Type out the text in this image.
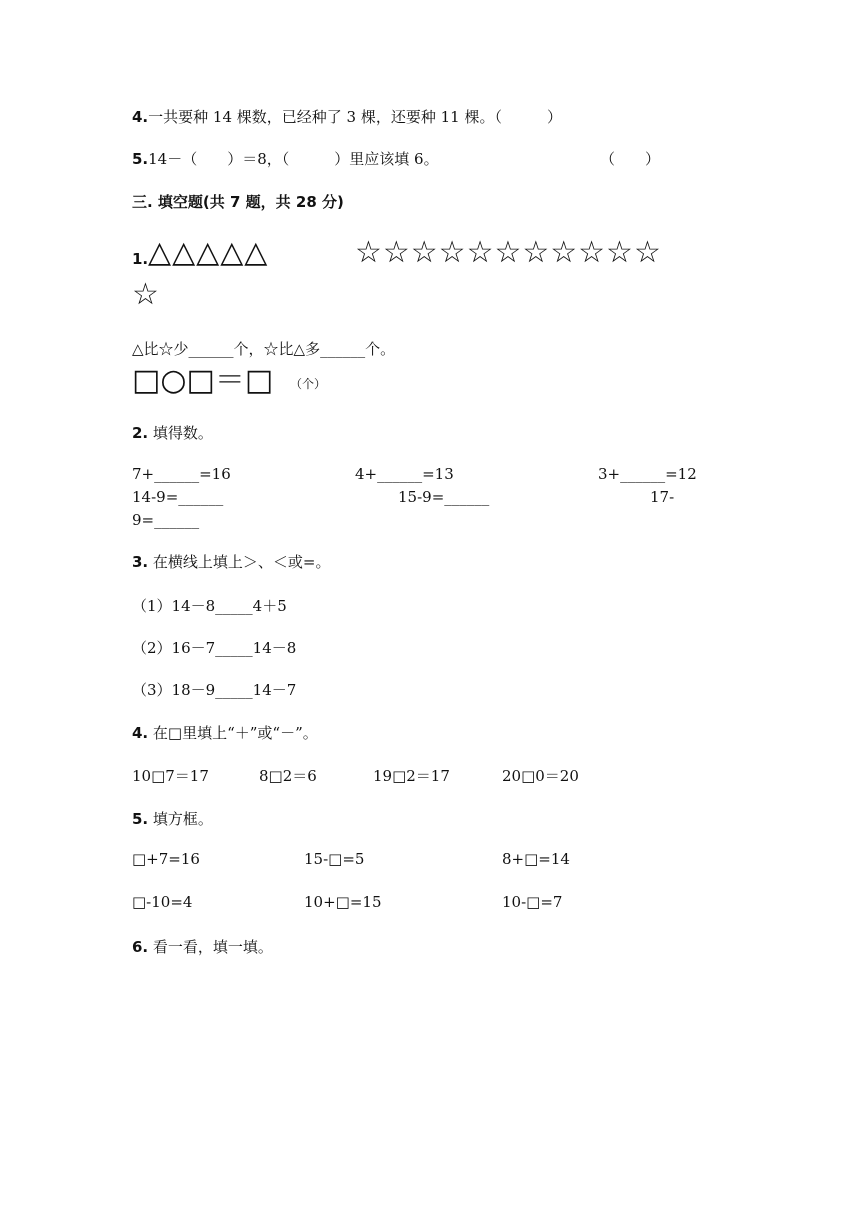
4.一共要种 14 棵数，已经种了 3 棵，还要种 11 棵。（　　　）
5.14－（　　）＝8，（　　　）里应该填 6。	（　　）
三. 填空题(共 7 题，共 28 分)
1. △△△△△	☆☆☆☆☆☆☆☆☆☆☆
☆
△比☆少______个，☆比△多______个。
□○□＝□ （个）
2. 填得数。
7+______=16	4+______=13	3+______=12
14-9=______	15-9=______	17-
9=______
3. 在横线上填上＞、＜或=。
（1）14－8_____4＋5
（2）16－7_____14－8
（3）18－9_____14－7
4. 在□里填上“＋”或“－”。
10□7＝17	8□2＝6	19□2＝17	20□0＝20
5. 填方框。
□+7=16	15-□=5	8+□=14
□-10=4	10+□=15	10-□=7
6. 看一看，填一填。
